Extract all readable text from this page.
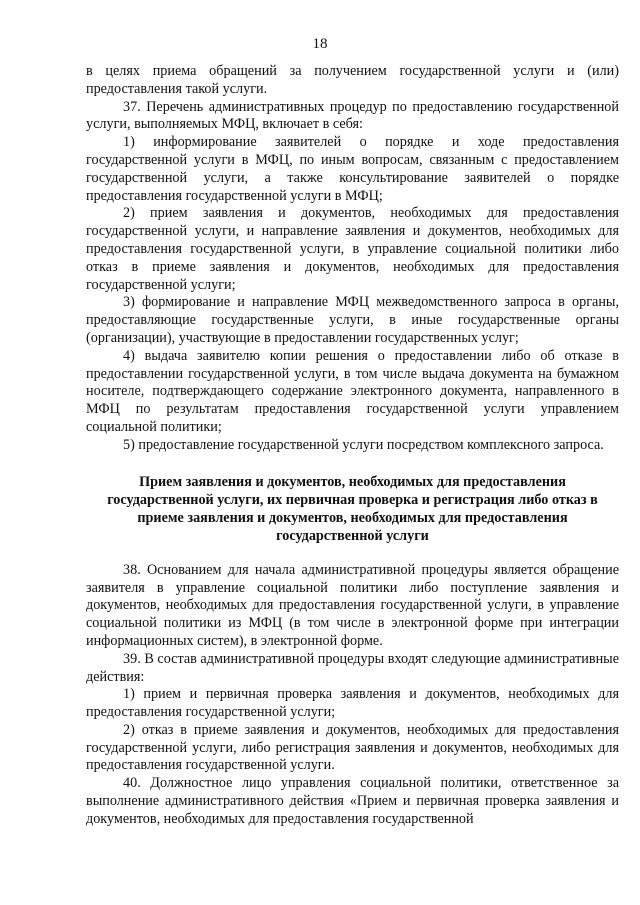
18

в целях приема обращений за получением государственной услуги и (или) предоставления такой услуги.

37. Перечень административных процедур по предоставлению государственной услуги, выполняемых МФЦ, включает в себя:

1) информирование заявителей о порядке и ходе предоставления государственной услуги в МФЦ, по иным вопросам, связанным с предоставлением государственной услуги, а также консультирование заявителей о порядке предоставления государственной услуги в МФЦ;

2) прием заявления и документов, необходимых для предоставления государственной услуги, и направление заявления и документов, необходимых для предоставления государственной услуги, в управление социальной политики либо отказ в приеме заявления и документов, необходимых для предоставления государственной услуги;

3) формирование и направление МФЦ межведомственного запроса в органы, предоставляющие государственные услуги, в иные государственные органы (организации), участвующие в предоставлении государственных услуг;

4) выдача заявителю копии решения о предоставлении либо об отказе в предоставлении государственной услуги, в том числе выдача документа на бумажном носителе, подтверждающего содержание электронного документа, направленного в МФЦ по результатам предоставления государственной услуги управлением социальной политики;

5) предоставление государственной услуги посредством комплексного запроса.

Прием заявления и документов, необходимых для предоставления государственной услуги, их первичная проверка и регистрация либо отказ в приеме заявления и документов, необходимых для предоставления государственной услуги

38. Основанием для начала административной процедуры является обращение заявителя в управление социальной политики либо поступление заявления и документов, необходимых для предоставления государственной услуги, в управление социальной политики из МФЦ (в том числе в электронной форме при интеграции информационных систем), в электронной форме.

39. В состав административной процедуры входят следующие административные действия:

1) прием и первичная проверка заявления и документов, необходимых для предоставления государственной услуги;

2) отказ в приеме заявления и документов, необходимых для предоставления государственной услуги, либо регистрация заявления и документов, необходимых для предоставления государственной услуги.

40. Должностное лицо управления социальной политики, ответственное за выполнение административного действия «Прием и первичная проверка заявления и документов, необходимых для предоставления государственной
